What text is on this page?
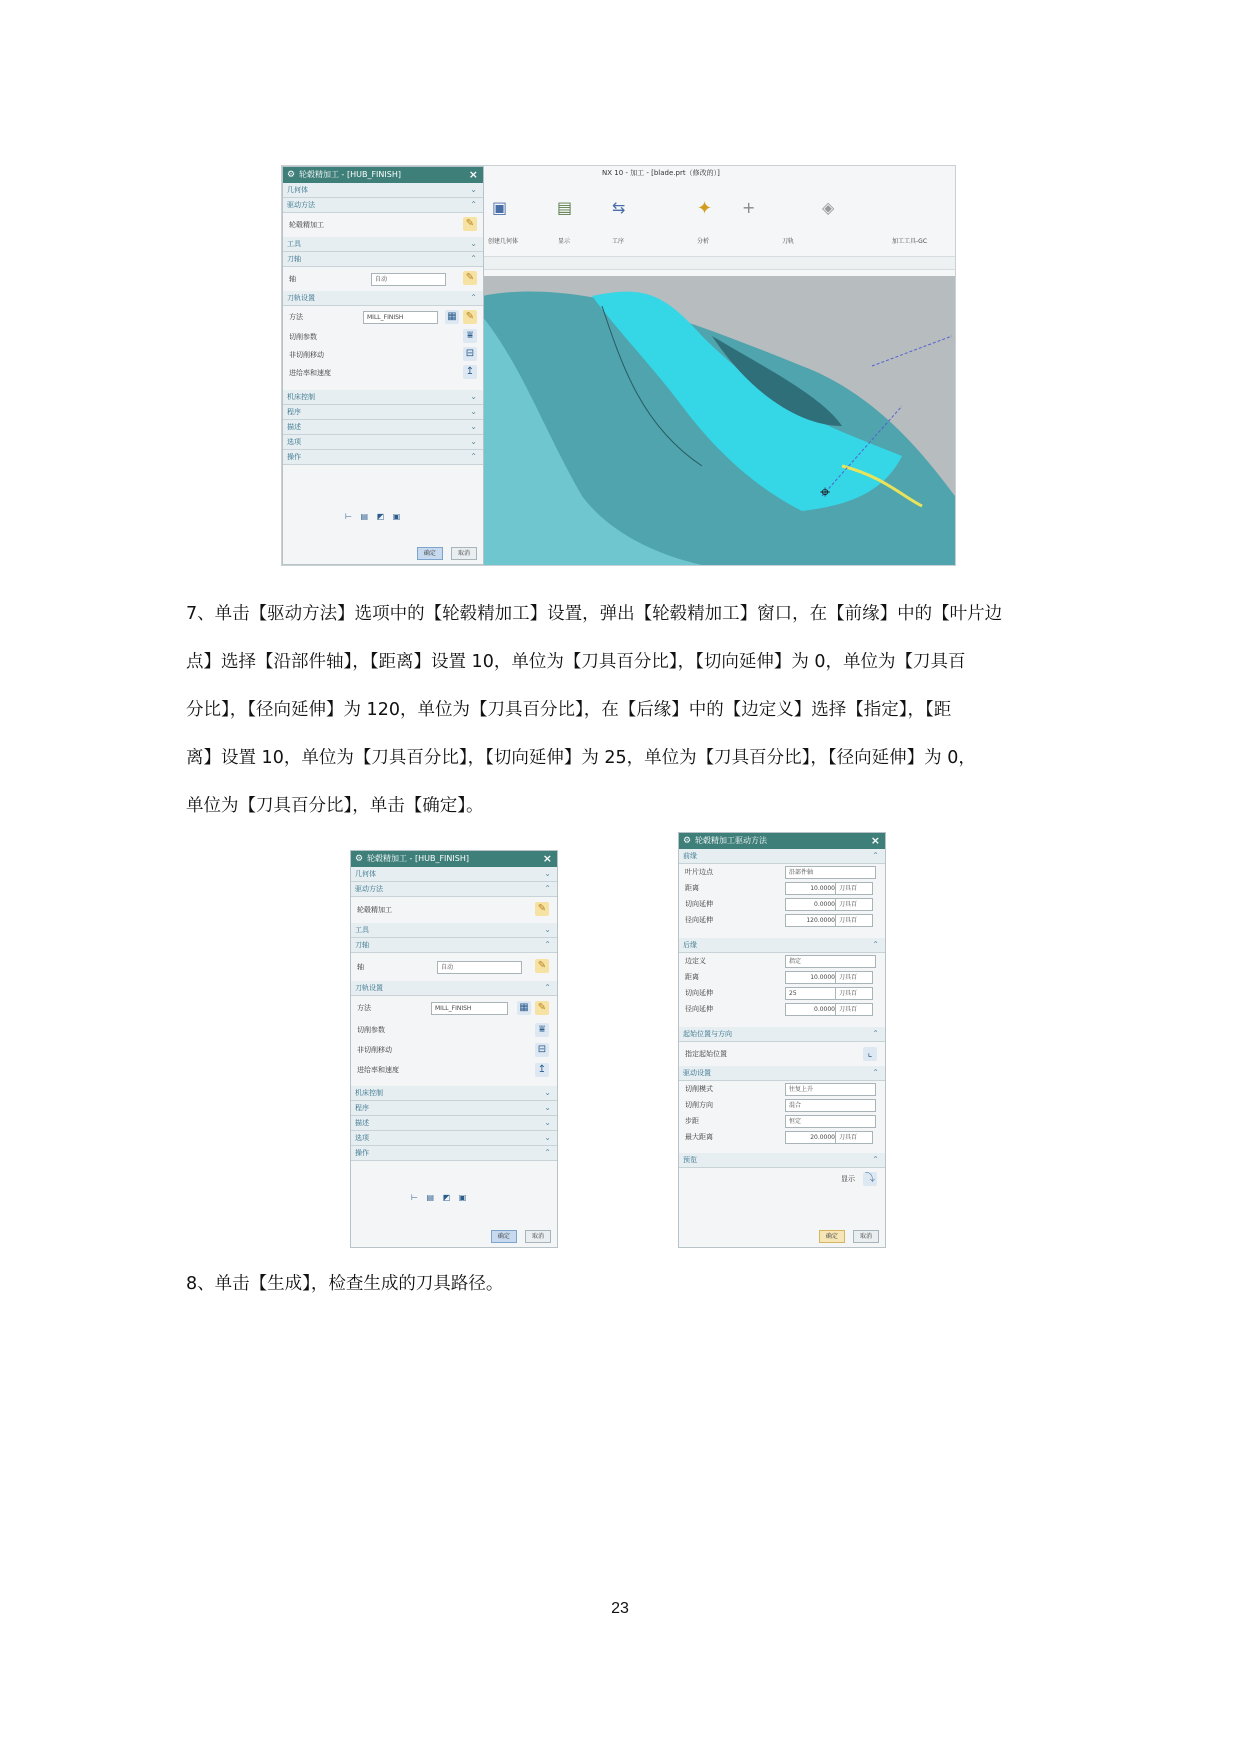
⌖
NX 10 - 加工 - [blade.prt（修改的）]
▣	▤ ⇆	✦ +	◈
创建几何体	显示	工序	分析	刀轨	加工工具-GC
⚙ 轮毂精加工 - [HUB_FINISH]	×
几何体	⌄
驱动方法	⌃
轮毂精加工	✎
工具	⌄
刀轴	⌃
轴	自动	✎
刀轨设置	⌃
方法	MILL_FINISH	▦ ✎
切削参数	⩸
非切削移动	⊟
进给率和速度	↥
机床控制	⌄
程序	⌄
描述	⌄
选项	⌄
操作	⌃
⊢ ▤ ◩ ▣
确定	取消
7、单击【驱动方法】选项中的【轮毂精加工】设置，弹出【轮毂精加工】窗口，在【前缘】中的【叶片边
点】选择【沿部件轴】，【距离】设置 10，单位为【刀具百分比】，【切向延伸】为 0，单位为【刀具百
分比】，【径向延伸】为 120，单位为【刀具百分比】，在【后缘】中的【边定义】选择【指定】，【距
离】设置 10，单位为【刀具百分比】，【切向延伸】为 25，单位为【刀具百分比】，【径向延伸】为 0，
单位为【刀具百分比】，单击【确定】。
⚙ 轮毂精加工 - [HUB_FINISH]	×
几何体	⌄
驱动方法	⌃
轮毂精加工	✎
工具	⌄
刀轴	⌃
轴	自动	✎
刀轨设置	⌃
方法	MILL_FINISH	▦ ✎
切削参数	⩸
非切削移动	⊟
进给率和速度	↥
机床控制	⌄
程序	⌄
描述	⌄
选项	⌄
操作	⌃
⊢ ▤ ◩ ▣
确定	取消
⚙ 轮毂精加工驱动方法	×
前缘	⌃
叶片边点	沿部件轴
距离	10.0000 刀具百
切向延伸	0.0000 刀具百
径向延伸	120.0000 刀具百
后缘	⌃
边定义	指定
距离	10.0000 刀具百
切向延伸	25	刀具百
径向延伸	0.0000 刀具百
起始位置与方向	⌃
指定起始位置	⌞
驱动设置	⌃
切削模式	往复上升
切削方向	混合
步距	恒定
最大距离	20.0000 刀具百
预览	⌃
显示 ⤵
确定	取消
8、单击【生成】，检查生成的刀具路径。
23
